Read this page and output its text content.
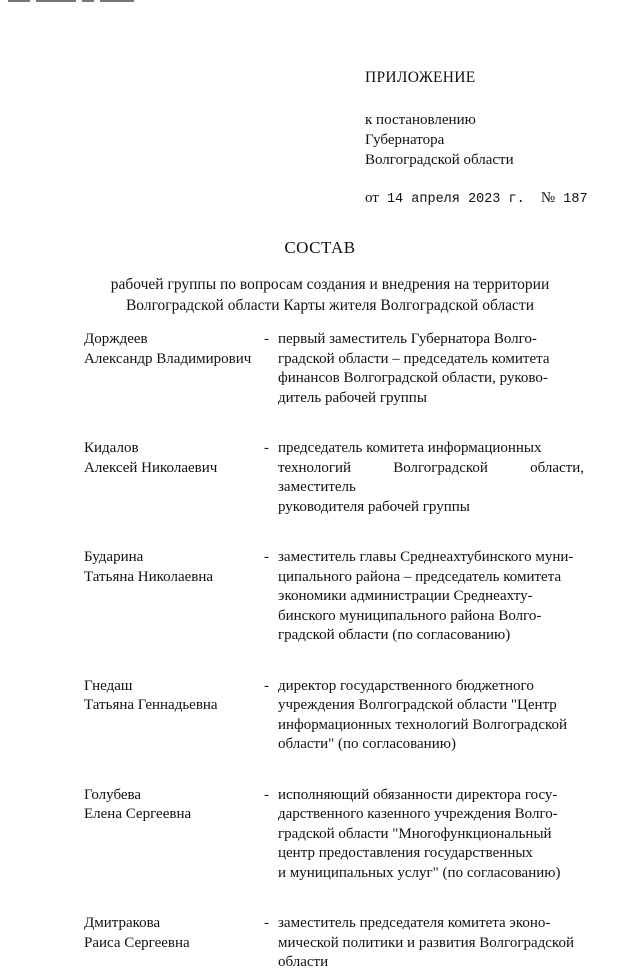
ПРИЛОЖЕНИЕ
к постановлению
Губернатора
Волгоградской области
от 14 апреля 2023 г.  № 187
СОСТАВ
рабочей группы по вопросам создания и внедрения на территории
Волгоградской области Карты жителя Волгоградской области
Дорждеев
Александр Владимирович
- первый заместитель Губернатора Волго-
градской области – председатель комитета
финансов Волгоградской области, руково-
дитель рабочей группы
Кидалов
Алексей Николаевич
- председатель комитета информационных
технологий Волгоградской области, заместитель
руководителя рабочей группы
Бударина
Татьяна Николаевна
- заместитель главы Среднеахтубинского муни-
ципального района – председатель комитета
экономики администрации Среднеахту-
бинского муниципального района Волго-
градской области (по согласованию)
Гнедаш
Татьяна Геннадьевна
- директор государственного бюджетного
учреждения Волгоградской области "Центр
информационных технологий Волгоградской
области" (по согласованию)
Голубева
Елена Сергеевна
- исполняющий обязанности директора госу-
дарственного казенного учреждения Волго-
градской области "Многофункциональный
центр предоставления государственных
и муниципальных услуг" (по согласованию)
Дмитракова
Раиса Сергеевна
- заместитель председателя комитета эконо-
мической политики и развития Волгоградской
области
